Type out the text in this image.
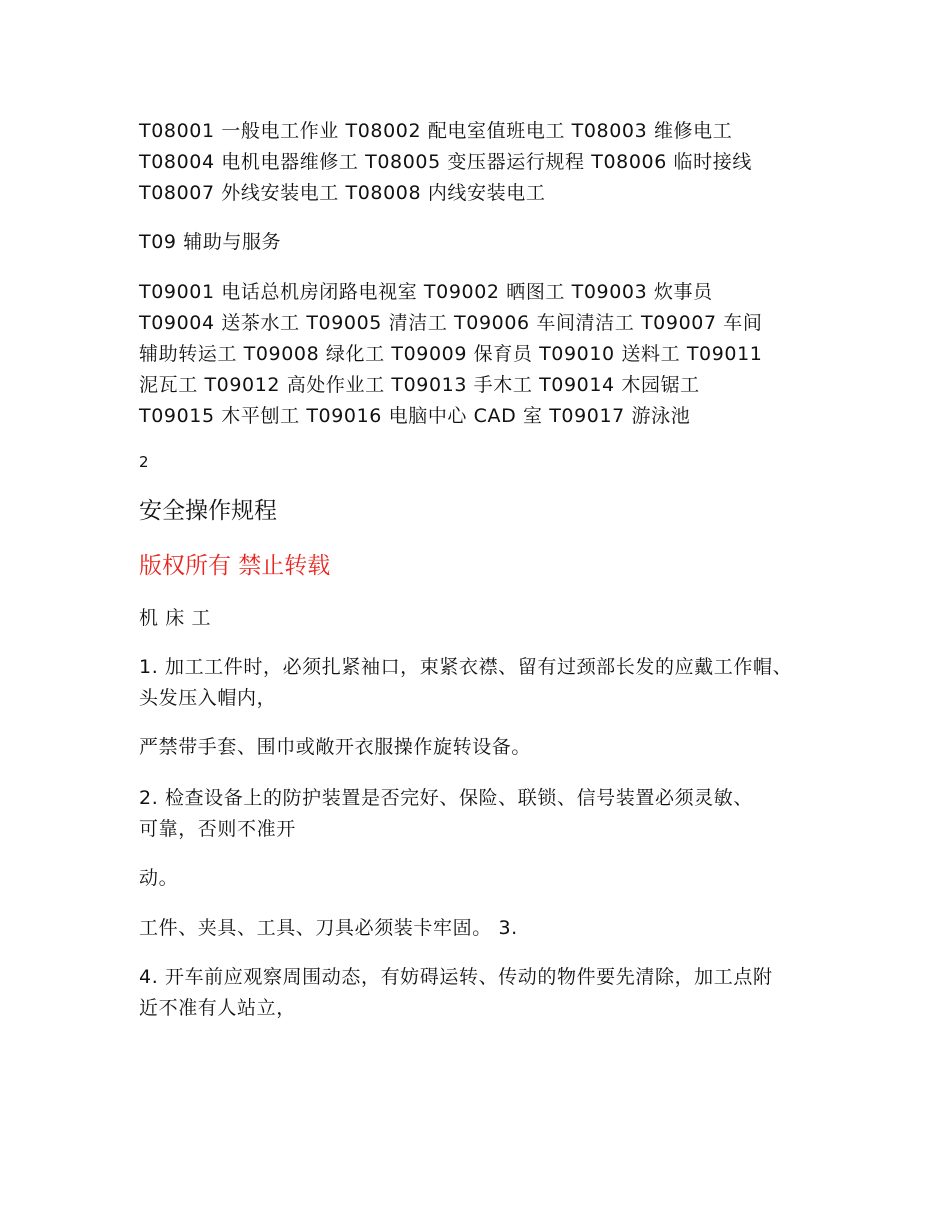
T08001 一般电工作业 T08002 配电室值班电工 T08003 维修电工
T08004 电机电器维修工 T08005 变压器运行规程 T08006 临时接线
T08007 外线安装电工 T08008 内线安装电工
T09 辅助与服务
T09001 电话总机房闭路电视室 T09002 晒图工 T09003 炊事员
T09004 送茶水工 T09005 清洁工 T09006 车间清洁工 T09007 车间
辅助转运工 T09008 绿化工 T09009 保育员 T09010 送料工 T09011
泥瓦工 T09012 高处作业工 T09013 手木工 T09014 木园锯工
T09015 木平刨工 T09016 电脑中心 CAD 室 T09017 游泳池
2
安全操作规程
版权所有 禁止转载
机 床 工
1. 加工工件时，必须扎紧袖口，束紧衣襟、留有过颈部长发的应戴工作帽、
头发压入帽内，
严禁带手套、围巾或敞开衣服操作旋转设备。
2. 检查设备上的防护装置是否完好、保险、联锁、信号装置必须灵敏、
可靠，否则不准开
动。
工件、夹具、工具、刀具必须装卡牢固。 3.
4. 开车前应观察周围动态，有妨碍运转、传动的物件要先清除，加工点附
近不准有人站立，
